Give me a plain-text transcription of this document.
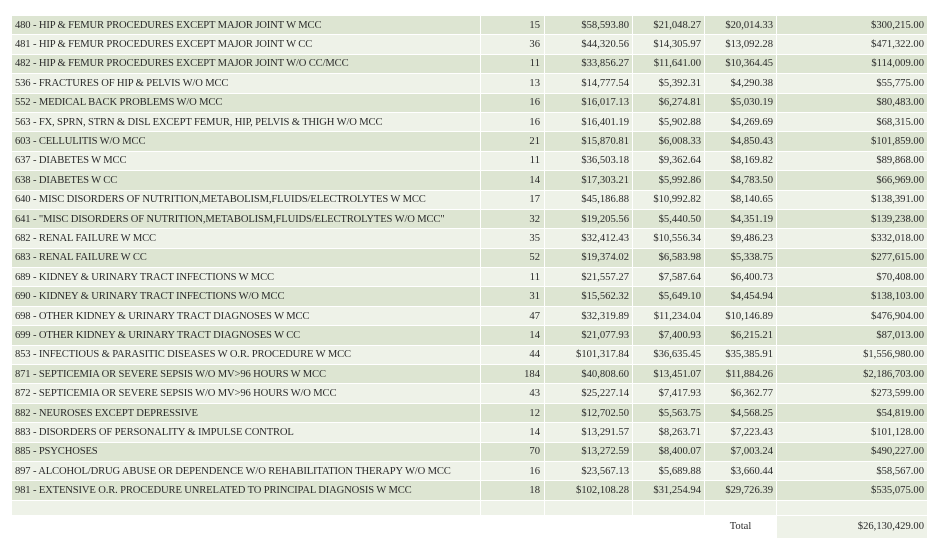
480 - HIP & FEMUR PROCEDURES EXCEPT MAJOR JOINT W MCC	15	$58,593.80	$21,048.27	$20,014.33	$300,215.00
481 - HIP & FEMUR PROCEDURES EXCEPT MAJOR JOINT W CC	36	$44,320.56	$14,305.97	$13,092.28	$471,322.00
482 - HIP & FEMUR PROCEDURES EXCEPT MAJOR JOINT W/O CC/MCC	11	$33,856.27	$11,641.00	$10,364.45	$114,009.00
536 - FRACTURES OF HIP & PELVIS W/O MCC	13	$14,777.54	$5,392.31	$4,290.38	$55,775.00
552 - MEDICAL BACK PROBLEMS W/O MCC	16	$16,017.13	$6,274.81	$5,030.19	$80,483.00
563 - FX, SPRN, STRN & DISL EXCEPT FEMUR, HIP, PELVIS & THIGH W/O MCC	16	$16,401.19	$5,902.88	$4,269.69	$68,315.00
603 - CELLULITIS W/O MCC	21	$15,870.81	$6,008.33	$4,850.43	$101,859.00
637 - DIABETES W MCC	11	$36,503.18	$9,362.64	$8,169.82	$89,868.00
638 - DIABETES W CC	14	$17,303.21	$5,992.86	$4,783.50	$66,969.00
640 - MISC DISORDERS OF NUTRITION,METABOLISM,FLUIDS/ELECTROLYTES W MCC	17	$45,186.88	$10,992.82	$8,140.65	$138,391.00
641 - "MISC DISORDERS OF NUTRITION,METABOLISM,FLUIDS/ELECTROLYTES W/O MCC"	32	$19,205.56	$5,440.50	$4,351.19	$139,238.00
682 - RENAL FAILURE W MCC	35	$32,412.43	$10,556.34	$9,486.23	$332,018.00
683 - RENAL FAILURE W CC	52	$19,374.02	$6,583.98	$5,338.75	$277,615.00
689 - KIDNEY & URINARY TRACT INFECTIONS W MCC	11	$21,557.27	$7,587.64	$6,400.73	$70,408.00
690 - KIDNEY & URINARY TRACT INFECTIONS W/O MCC	31	$15,562.32	$5,649.10	$4,454.94	$138,103.00
698 - OTHER KIDNEY & URINARY TRACT DIAGNOSES W MCC	47	$32,319.89	$11,234.04	$10,146.89	$476,904.00
699 - OTHER KIDNEY & URINARY TRACT DIAGNOSES W CC	14	$21,077.93	$7,400.93	$6,215.21	$87,013.00
853 - INFECTIOUS & PARASITIC DISEASES W O.R. PROCEDURE W MCC	44	$101,317.84	$36,635.45	$35,385.91	$1,556,980.00
871 - SEPTICEMIA OR SEVERE SEPSIS W/O MV>96 HOURS W MCC	184	$40,808.60	$13,451.07	$11,884.26	$2,186,703.00
872 - SEPTICEMIA OR SEVERE SEPSIS W/O MV>96 HOURS W/O MCC	43	$25,227.14	$7,417.93	$6,362.77	$273,599.00
882 - NEUROSES EXCEPT DEPRESSIVE	12	$12,702.50	$5,563.75	$4,568.25	$54,819.00
883 - DISORDERS OF PERSONALITY & IMPULSE CONTROL	14	$13,291.57	$8,263.71	$7,223.43	$101,128.00
885 - PSYCHOSES	70	$13,272.59	$8,400.07	$7,003.24	$490,227.00
897 - ALCOHOL/DRUG ABUSE OR DEPENDENCE W/O REHABILITATION THERAPY W/O MCC	16	$23,567.13	$5,689.88	$3,660.44	$58,567.00
981 - EXTENSIVE O.R. PROCEDURE UNRELATED TO PRINCIPAL DIAGNOSIS W MCC	18	$102,108.28	$31,254.94	$29,726.39	$535,075.00

				Total	$26,130,429.00
